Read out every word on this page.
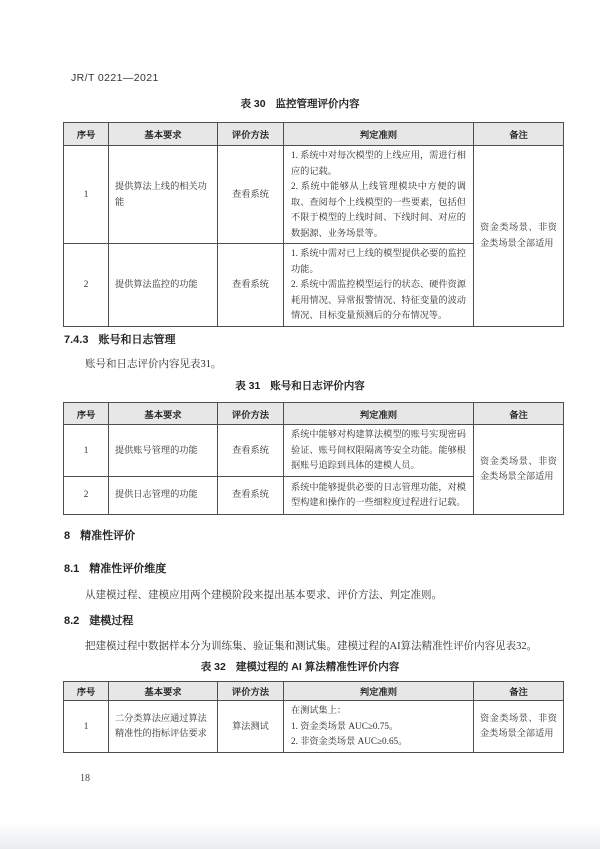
JR/T 0221—2021
表 30 监控管理评价内容
序号	基本要求	评价方法	判定准则	备注
1	提供算法上线的相关功能	查看系统	1. 系统中对每次模型的上线应用，需进行相应的记载。
2. 系统中能够从上线管理模块中方便的调取、查阅每个上线模型的一些要素，包括但不限于模型的上线时间、下线时间、对应的数据源、业务场景等。	资金类场景、非资金类场景全部适用
2	提供算法监控的功能	查看系统	1. 系统中需对已上线的模型提供必要的监控功能。
2. 系统中需监控模型运行的状态、硬件资源耗用情况、异常报警情况、特征变量的波动情况、目标变量预测后的分布情况等。	
7.4.3 账号和日志管理
账号和日志评价内容见表31。
表 31 账号和日志评价内容
序号	基本要求	评价方法	判定准则	备注
1	提供账号管理的功能	查看系统	系统中能够对构建算法模型的账号实现密码验证、账号间权限隔离等安全功能。能够根据账号追踪到具体的建模人员。	资金类场景、非资金类场景全部适用
2	提供日志管理的功能	查看系统	系统中能够提供必要的日志管理功能，对模型构建和操作的一些细粒度过程进行记载。	
8 精准性评价
8.1 精准性评价维度
从建模过程、建模应用两个建模阶段来提出基本要求、评价方法、判定准则。
8.2 建模过程
把建模过程中数据样本分为训练集、验证集和测试集。建模过程的AI算法精准性评价内容见表32。
表 32 建模过程的 AI 算法精准性评价内容
序号	基本要求	评价方法	判定准则	备注
1	二分类算法应通过算法精准性的指标评估要求	算法测试	在测试集上：
1. 资金类场景 AUC≥0.75。
2. 非资金类场景 AUC≥0.65。	资金类场景、非资金类场景全部适用
18
